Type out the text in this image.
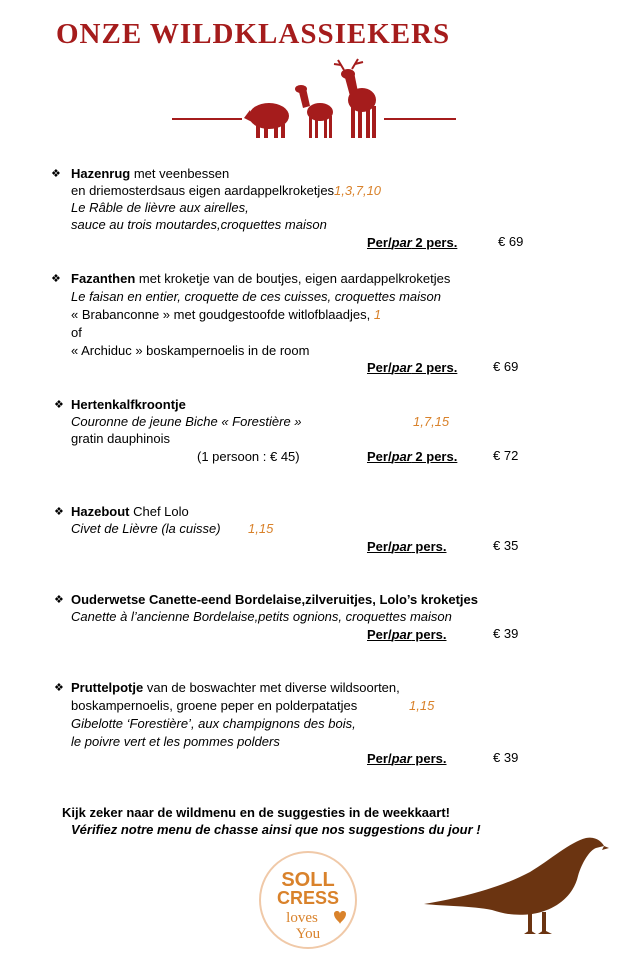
ONZE WILDKLASSIEKERS
❖ Hazenrug met veenbessen
en driemosterdsaus eigen aardappelkroketjes1,3,7,10
Le Râble de lièvre aux airelles,
sauce au trois moutardes,croquettes maison
Per/par 2 pers.	€ 69
❖ Fazanthen met kroketje van de boutjes, eigen aardappelkroketjes
Le faisan en entier, croquette de ces cuisses, croquettes maison
« Brabanconne » met goudgestoofde witlofblaadjes, 1
of
« Archiduc » boskampernoelis in de room
Per/par 2 pers.	€ 69
❖ Hertenkalfkroontje
Couronne de jeune Biche « Forestière »	1,7,15
gratin dauphinois
(1 persoon : € 45)	Per/par 2 pers.	€ 72
❖ Hazebout Chef Lolo
Civet de Lièvre (la cuisse) 1,15
Per/par pers.	€ 35
❖ Ouderwetse Canette-eend Bordelaise,zilveruitjes, Lolo’s kroketjes
Canette à l’ancienne Bordelaise,petits ognions, croquettes maison
Per/par pers.	€ 39
❖ Pruttelpotje van de boswachter met diverse wildsoorten,
boskampernoelis, groene peper en polderpatatjes	1,15
Gibelotte ‘Forestière’, aux champignons des bois,
le poivre vert et les pommes polders
Per/par pers.	€ 39
Kijk zeker naar de wildmenu en de suggesties in de weekkaart!
Vérifiez notre menu de chasse ainsi que nos suggestions du jour !
SOLL
CRESS
loves
You
